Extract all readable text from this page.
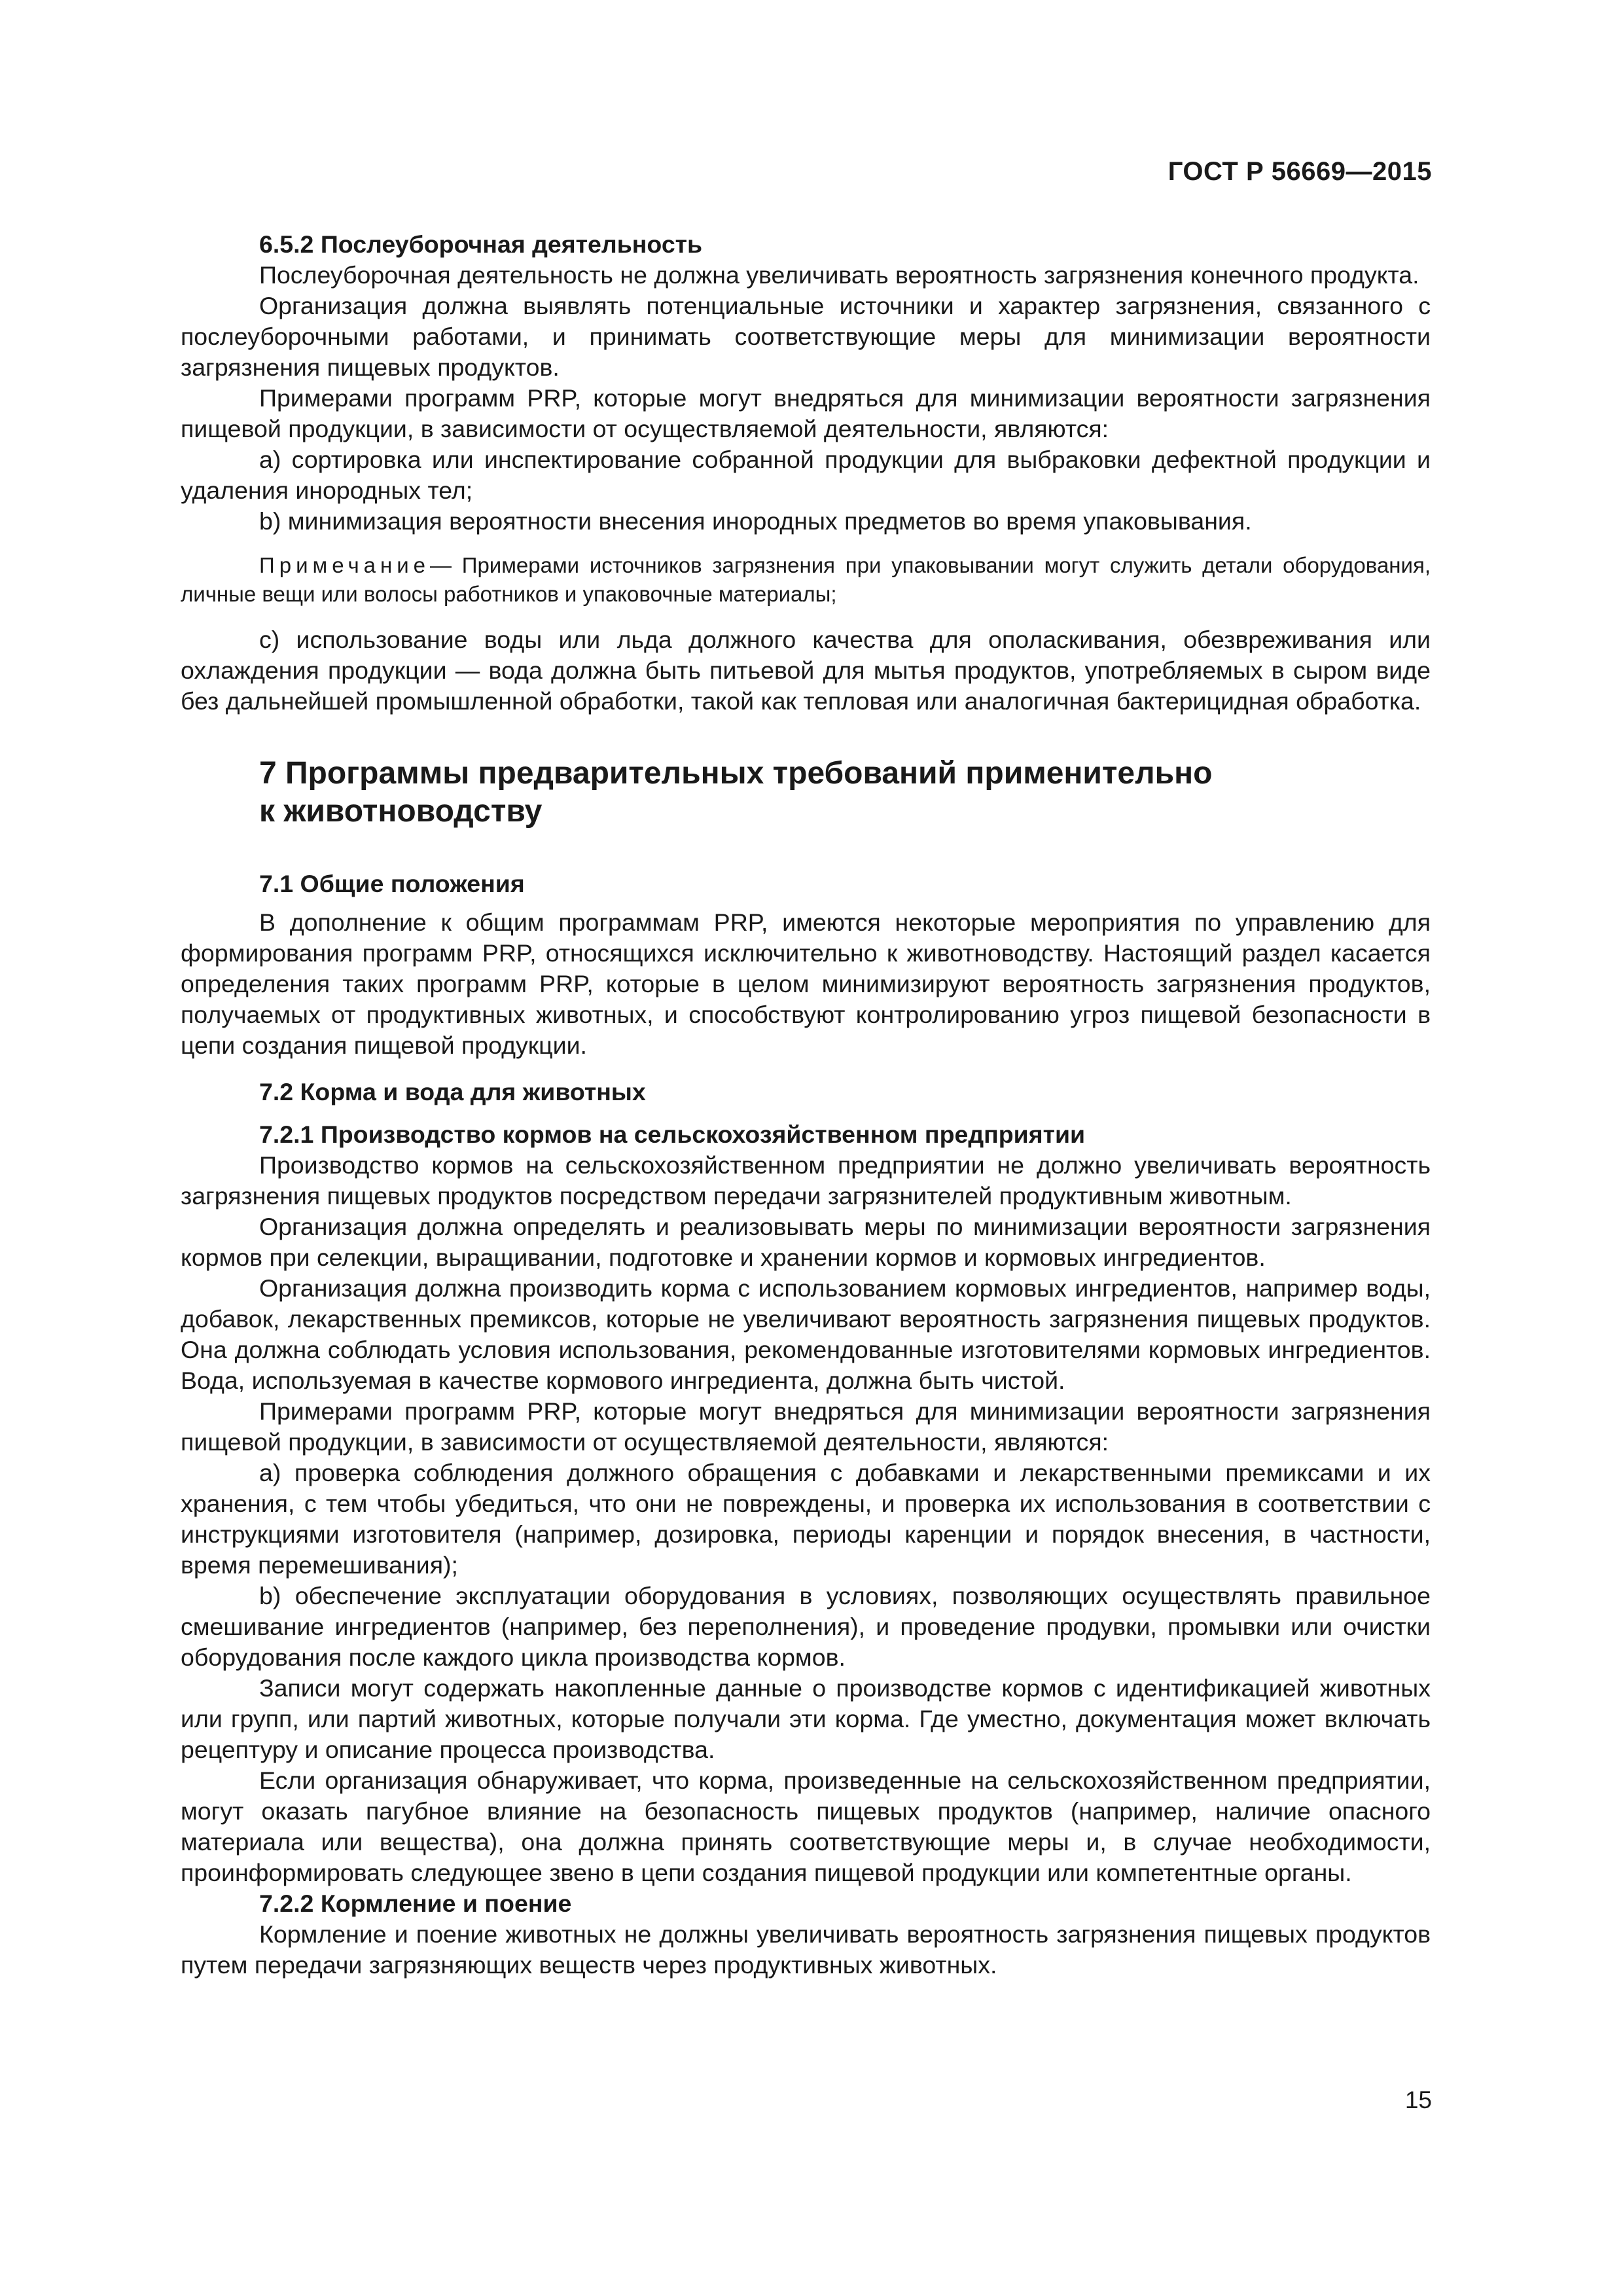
ГОСТ Р 56669—2015
6.5.2 Послеуборочная деятельность

Послеуборочная деятельность не должна увеличивать вероятность загрязнения конечного продукта.

Организация должна выявлять потенциальные источники и характер загрязнения, связанного с послеуборочными работами, и принимать соответствующие меры для минимизации вероятности загрязнения пищевых продуктов.

Примерами программ PRP, которые могут внедряться для минимизации вероятности загрязнения пищевой продукции, в зависимости от осуществляемой деятельности, являются:

a) сортировка или инспектирование собранной продукции для выбраковки дефектной продукции и удаления инородных тел;

b) минимизация вероятности внесения инородных предметов во время упаковывания.

Примечание— Примерами источников загрязнения при упаковывании могут служить детали оборудования, личные вещи или волосы работников и упаковочные материалы;

c) использование воды или льда должного качества для ополаскивания, обезвреживания или охлаждения продукции — вода должна быть питьевой для мытья продуктов, употребляемых в сыром виде без дальнейшей промышленной обработки, такой как тепловая или аналогичная бактерицидная обработка.

7 Программы предварительных требований применительно
к животноводству
7.1 Общие положения

В дополнение к общим программам PRP, имеются некоторые мероприятия по управлению для формирования программ PRP, относящихся исключительно к животноводству. Настоящий раздел касается определения таких программ PRP, которые в целом минимизируют вероятность загрязнения продуктов, получаемых от продуктивных животных, и способствуют контролированию угроз пищевой безопасности в цепи создания пищевой продукции.

7.2 Корма и вода для животных
7.2.1 Производство кормов на сельскохозяйственном предприятии

Производство кормов на сельскохозяйственном предприятии не должно увеличивать вероятность загрязнения пищевых продуктов посредством передачи загрязнителей продуктивным животным.

Организация должна определять и реализовывать меры по минимизации вероятности загрязнения кормов при селекции, выращивании, подготовке и хранении кормов и кормовых ингредиентов.

Организация должна производить корма с использованием кормовых ингредиентов, например воды, добавок, лекарственных премиксов, которые не увеличивают вероятность загрязнения пищевых продуктов. Она должна соблюдать условия использования, рекомендованные изготовителями кормовых ингредиентов. Вода, используемая в качестве кормового ингредиента, должна быть чистой.

Примерами программ PRP, которые могут внедряться для минимизации вероятности загрязнения пищевой продукции, в зависимости от осуществляемой деятельности, являются:

a) проверка соблюдения должного обращения с добавками и лекарственными премиксами и их хранения, с тем чтобы убедиться, что они не повреждены, и проверка их использования в соответствии с инструкциями изготовителя (например, дозировка, периоды каренции и порядок внесения, в частности, время перемешивания);

b) обеспечение эксплуатации оборудования в условиях, позволяющих осуществлять правильное смешивание ингредиентов (например, без переполнения), и проведение продувки, промывки или очистки оборудования после каждого цикла производства кормов.

Записи могут содержать накопленные данные о производстве кормов с идентификацией животных или групп, или партий животных, которые получали эти корма. Где уместно, документация может включать рецептуру и описание процесса производства.

Если организация обнаруживает, что корма, произведенные на сельскохозяйственном предприятии, могут оказать пагубное влияние на безопасность пищевых продуктов (например, наличие опасного материала или вещества), она должна принять соответствующие меры и, в случае необходимости, проинформировать следующее звено в цепи создания пищевой продукции или компетентные органы.

7.2.2 Кормление и поение

Кормление и поение животных не должны увеличивать вероятность загрязнения пищевых продуктов путем передачи загрязняющих веществ через продуктивных животных.

15
